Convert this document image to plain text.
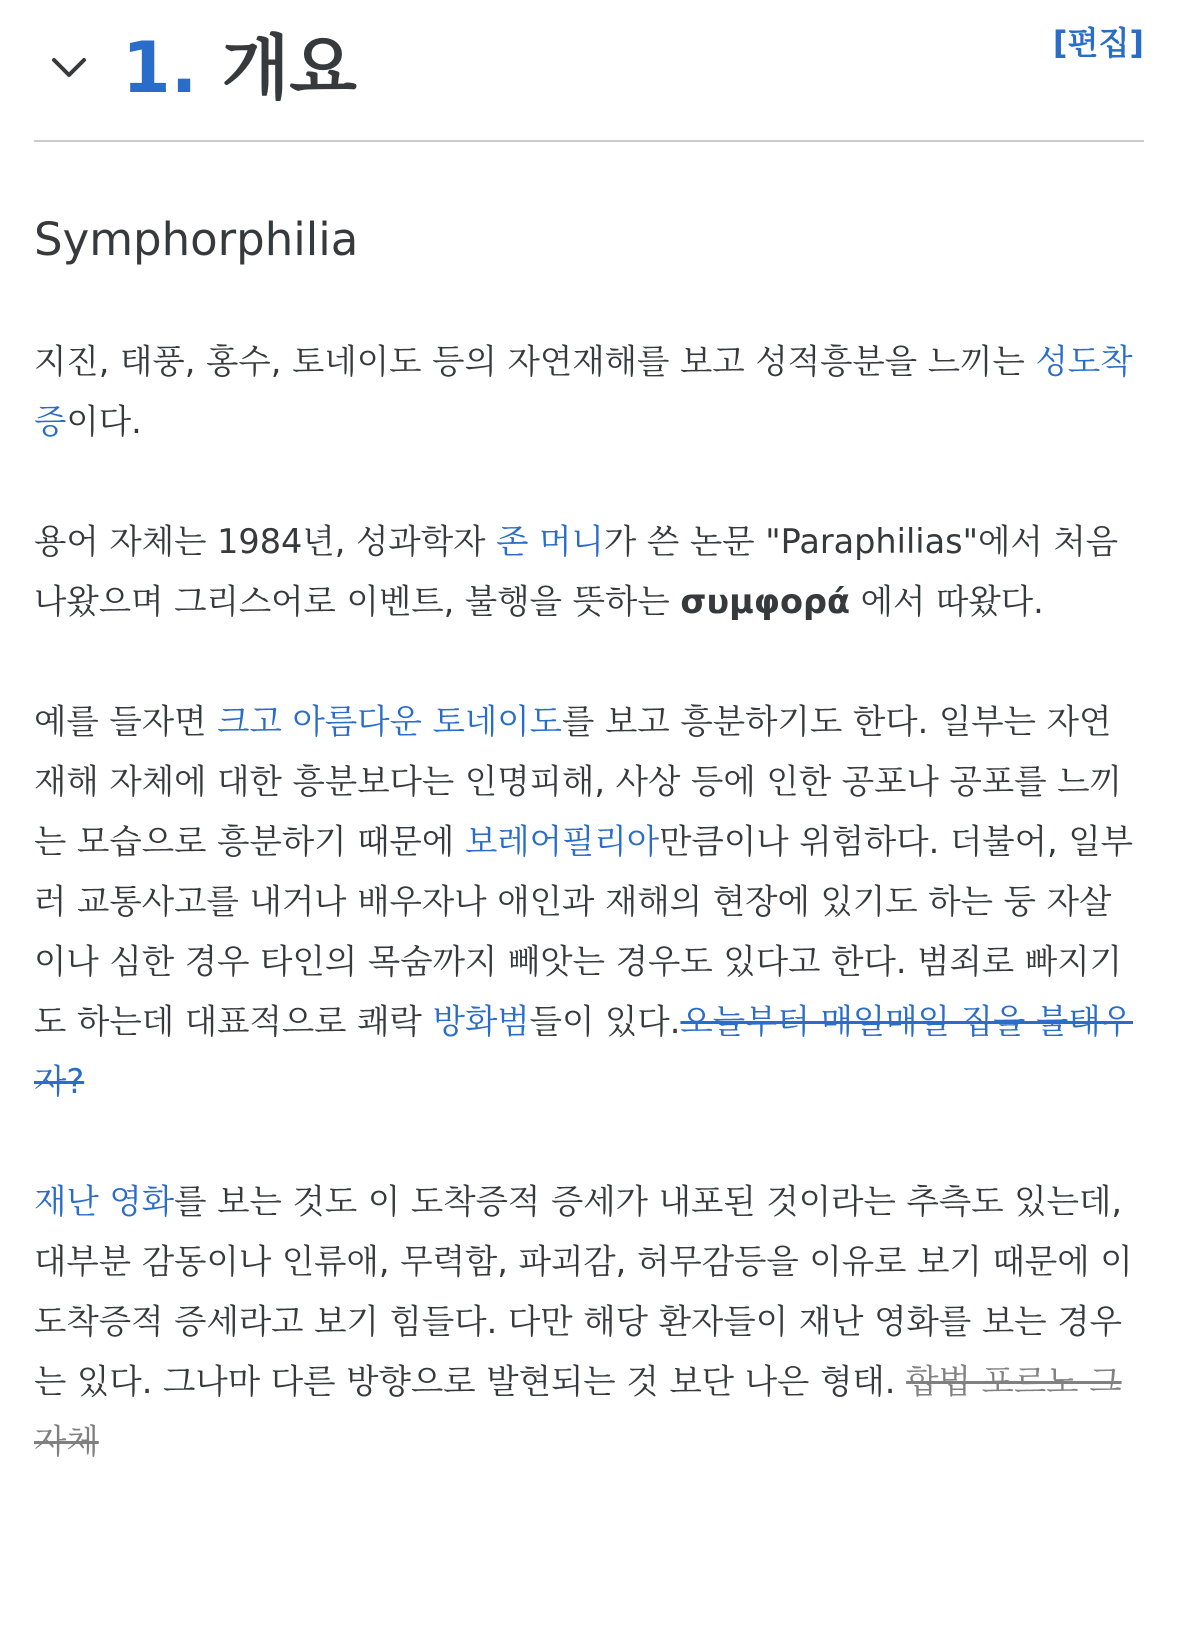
1. 개요	[편집]

Symphorphilia

지진, 태풍, 홍수, 토네이도 등의 자연재해를 보고 성적흥분을 느끼는 성도착증이다.

용어 자체는 1984년, 성과학자 존 머니가 쓴 논문 "Paraphilias"에서 처음 나왔으며 그리스어로 이벤트, 불행을 뜻하는 συμφορά 에서 따왔다.

예를 들자면 크고 아름다운 토네이도를 보고 흥분하기도 한다. 일부는 자연재해 자체에 대한 흥분보다는 인명피해, 사상 등에 인한 공포나 공포를 느끼는 모습으로 흥분하기 때문에 보레어필리아만큼이나 위험하다. 더불어, 일부러 교통사고를 내거나 배우자나 애인과 재해의 현장에 있기도 하는 둥 자살이나 심한 경우 타인의 목숨까지 빼앗는 경우도 있다고 한다. 범죄로 빠지기도 하는데 대표적으로 쾌락 방화범들이 있다.오늘부터 매일매일 집을 불태우자?

재난 영화를 보는 것도 이 도착증적 증세가 내포된 것이라는 추측도 있는데, 대부분 감동이나 인류애, 무력함, 파괴감, 허무감등을 이유로 보기 때문에 이 도착증적 증세라고 보기 힘들다. 다만 해당 환자들이 재난 영화를 보는 경우는 있다. 그나마 다른 방향으로 발현되는 것 보단 나은 형태. 합법 포르노 그 자체
